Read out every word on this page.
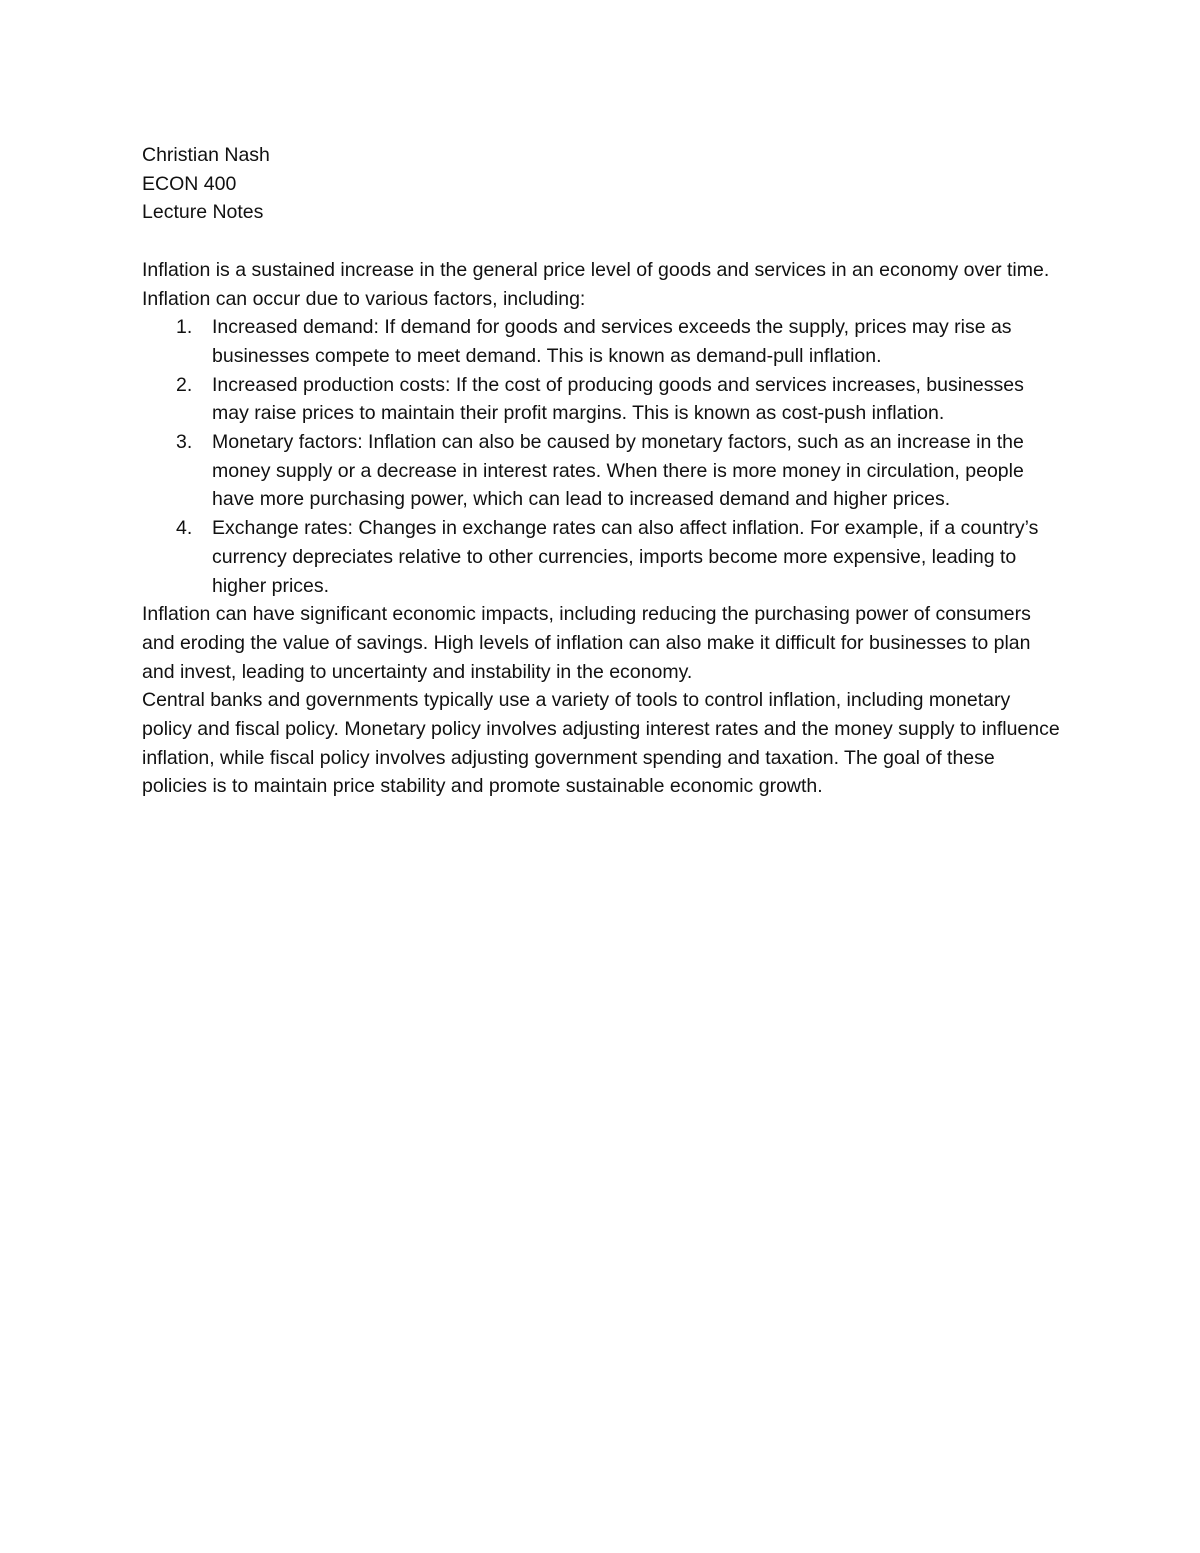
Christian Nash

ECON 400

Lecture Notes

Inflation is a sustained increase in the general price level of goods and services in an economy over time. Inflation can occur due to various factors, including:

1. Increased demand: If demand for goods and services exceeds the supply, prices may rise as businesses compete to meet demand. This is known as demand-pull inflation.
2. Increased production costs: If the cost of producing goods and services increases, businesses may raise prices to maintain their profit margins. This is known as cost-push inflation.
3. Monetary factors: Inflation can also be caused by monetary factors, such as an increase in the money supply or a decrease in interest rates. When there is more money in circulation, people have more purchasing power, which can lead to increased demand and higher prices.
4. Exchange rates: Changes in exchange rates can also affect inflation. For example, if a country’s currency depreciates relative to other currencies, imports become more expensive, leading to higher prices.

Inflation can have significant economic impacts, including reducing the purchasing power of consumers and eroding the value of savings. High levels of inflation can also make it difficult for businesses to plan and invest, leading to uncertainty and instability in the economy.

Central banks and governments typically use a variety of tools to control inflation, including monetary policy and fiscal policy. Monetary policy involves adjusting interest rates and the money supply to influence inflation, while fiscal policy involves adjusting government spending and taxation. The goal of these policies is to maintain price stability and promote sustainable economic growth.
